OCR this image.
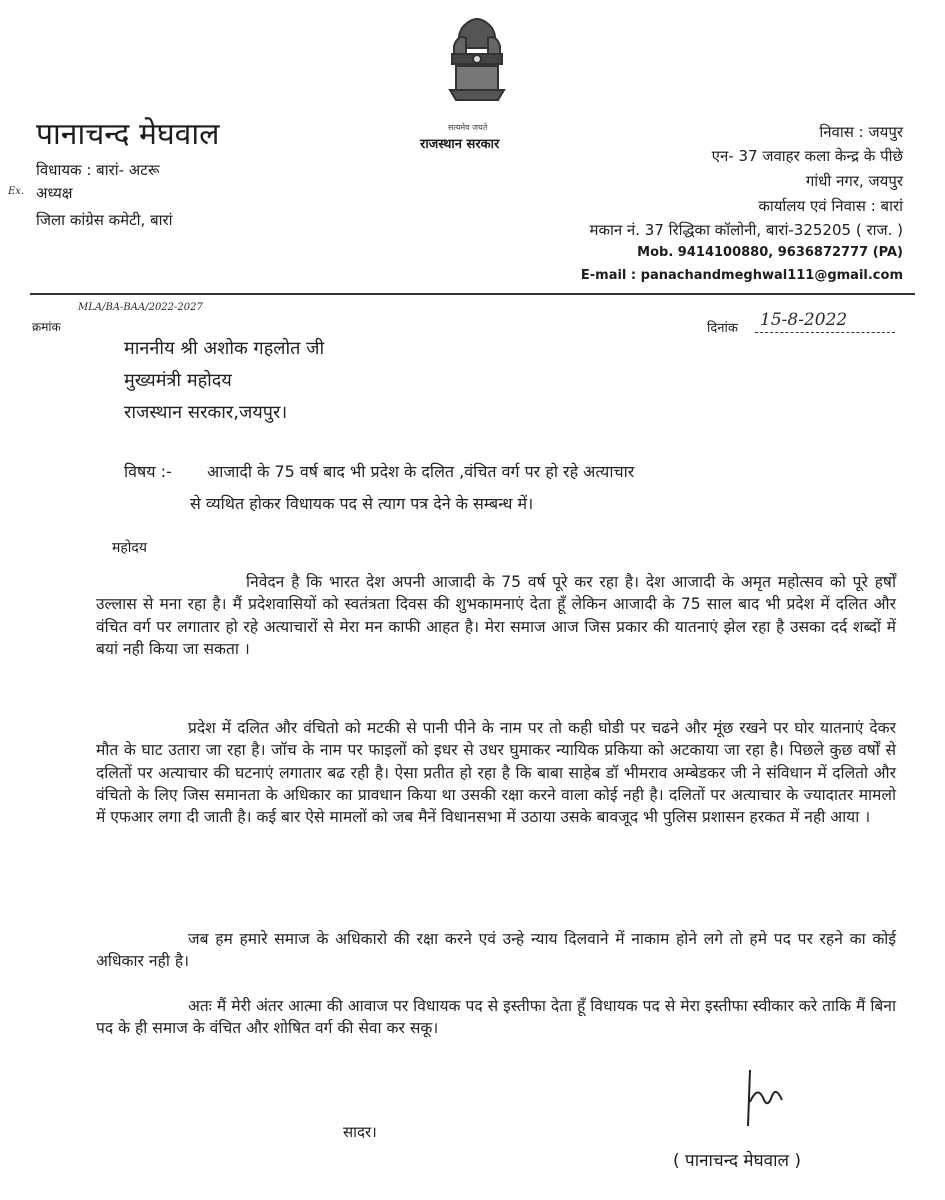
सत्यमेव जयते
राजस्थान सरकार
पानाचन्द मेघवाल
विधायक : बारां- अटरू
Ex. अध्यक्ष
जिला कांग्रेस कमेटी, बारां
निवास : जयपुर
एन- 37 जवाहर कला केन्द्र के पीछे
गांधी नगर, जयपुर
कार्यालय एवं निवास : बारां
मकान नं. 37 रिद्धिका कॉलोनी, बारां-325205 ( राज. )
Mob. 9414100880, 9636872777 (PA)
E-mail : panachandmeghwal111@gmail.com
क्रमांक
MLA/BA-BAA/2022-2027
दिनांक 15-8-2022
माननीय श्री अशोक गहलोत जी
मुख्यमंत्री महोदय
राजस्थान सरकार,जयपुर।
विषय :- आजादी के 75 वर्ष बाद भी प्रदेश के दलित ,वंचित वर्ग पर हो रहे अत्याचार
से व्यथित होकर विधायक पद से त्याग पत्र देने के सम्बन्ध में।
महोदय
निवेदन है कि भारत देश अपनी आजादी के 75 वर्ष पूरे कर रहा है। देश आजादी के अमृत महोत्सव को पूरे हर्षों उल्लास से मना रहा है। मैं प्रदेशवासियों को स्वतंत्रता दिवस की शुभकामनाएं देता हूँ लेकिन आजादी के 75 साल बाद भी प्रदेश में दलित और वंचित वर्ग पर लगातार हो रहे अत्याचारों से मेरा मन काफी आहत है। मेरा समाज आज जिस प्रकार की यातनाएं झेल रहा है उसका दर्द शब्दों में बयां नही किया जा सकता ।
प्रदेश में दलित और वंचितो को मटकी से पानी पीने के नाम पर तो कही घोडी पर चढने और मूंछ रखने पर घोर यातनाएं देकर मौत के घाट उतारा जा रहा है। जॉच के नाम पर फाइलों को इधर से उधर घुमाकर न्यायिक प्रकिया को अटकाया जा रहा है। पिछले कुछ वर्षों से दलितों पर अत्याचार की घटनाएं लगातार बढ रही है। ऐसा प्रतीत हो रहा है कि बाबा साहेब डॉ भीमराव अम्बेडकर जी ने संविधान में दलितो और वंचितो के लिए जिस समानता के अधिकार का प्रावधान किया था उसकी रक्षा करने वाला कोई नही है। दलितों पर अत्याचार के ज्यादातर मामलो में एफआर लगा दी जाती है। कई बार ऐसे मामलों को जब मैनें विधानसभा में उठाया उसके बावजूद भी पुलिस प्रशासन हरकत में नही आया ।
जब हम हमारे समाज के अधिकारो की रक्षा करने एवं उन्हे न्याय दिलवाने में नाकाम होने लगे तो हमे पद पर रहने का कोई अधिकार नही है।
अतः मैं मेरी अंतर आत्मा की आवाज पर विधायक पद से इस्तीफा देता हूँ विधायक पद से मेरा इस्तीफा स्वीकार करे ताकि मैं बिना पद के ही समाज के वंचित और शोषित वर्ग की सेवा कर सकू।
सादर।
( पानाचन्द मेघवाल )
